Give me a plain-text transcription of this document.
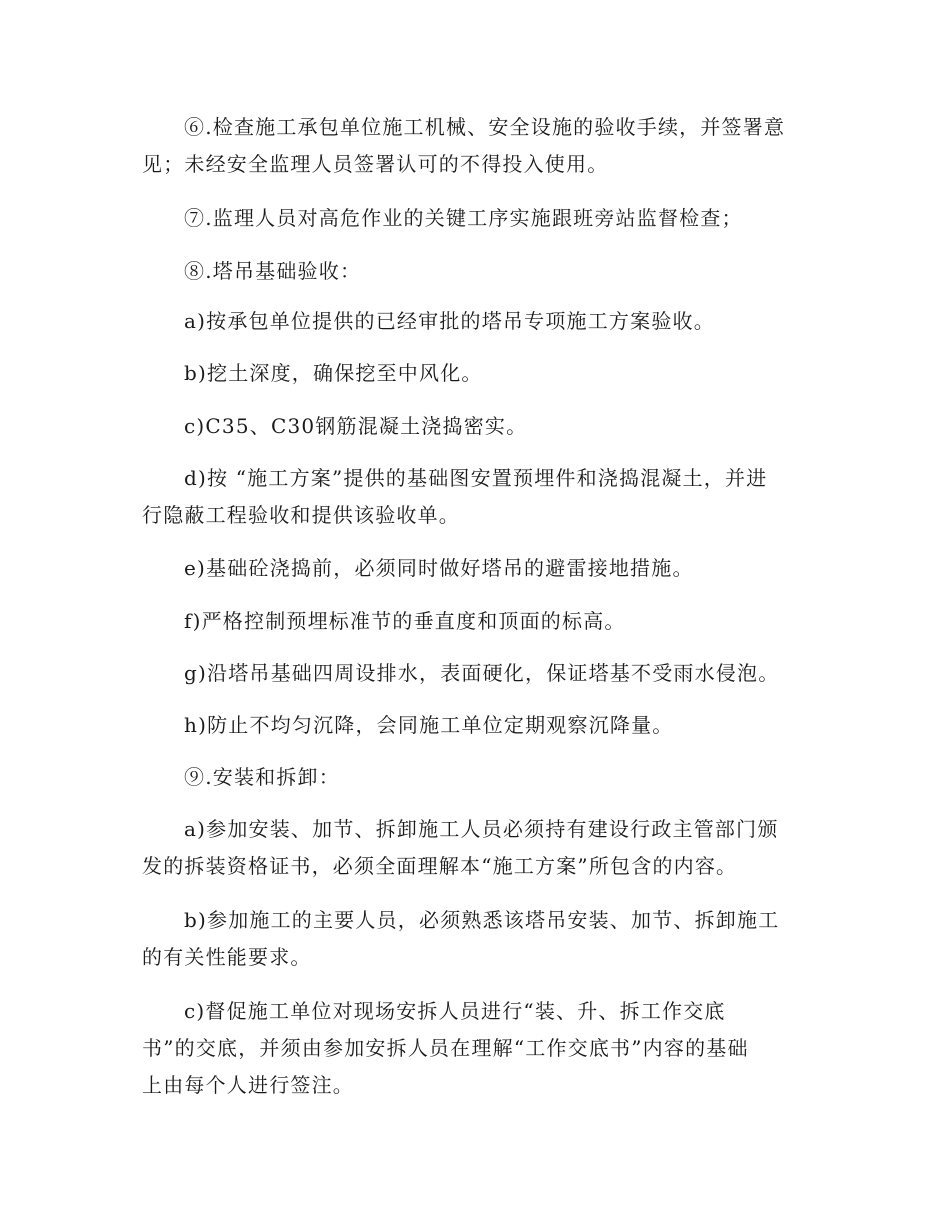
⑥.检查施工承包单位施工机械、安全设施的验收手续，并签署意
见；未经安全监理人员签署认可的不得投入使用。
⑦.监理人员对高危作业的关键工序实施跟班旁站监督检查；
⑧.塔吊基础验收：
a)按承包单位提供的已经审批的塔吊专项施工方案验收。
b)挖土深度，确保挖至中风化。
c)C35、C30钢筋混凝土浇捣密实。
d)按 “施工方案”提供的基础图安置预埋件和浇捣混凝土，并进
行隐蔽工程验收和提供该验收单。
e)基础砼浇捣前，必须同时做好塔吊的避雷接地措施。
f)严格控制预埋标准节的垂直度和顶面的标高。
g)沿塔吊基础四周设排水，表面硬化，保证塔基不受雨水侵泡。
h)防止不均匀沉降，会同施工单位定期观察沉降量。
⑨.安装和拆卸：
a)参加安装、加节、拆卸施工人员必须持有建设行政主管部门颁
发的拆装资格证书，必须全面理解本“施工方案”所包含的内容。
b)参加施工的主要人员，必须熟悉该塔吊安装、加节、拆卸施工
的有关性能要求。
c)督促施工单位对现场安拆人员进行“装、升、拆工作交底
书”的交底，并须由参加安拆人员在理解“工作交底书”内容的基础
上由每个人进行签注。
